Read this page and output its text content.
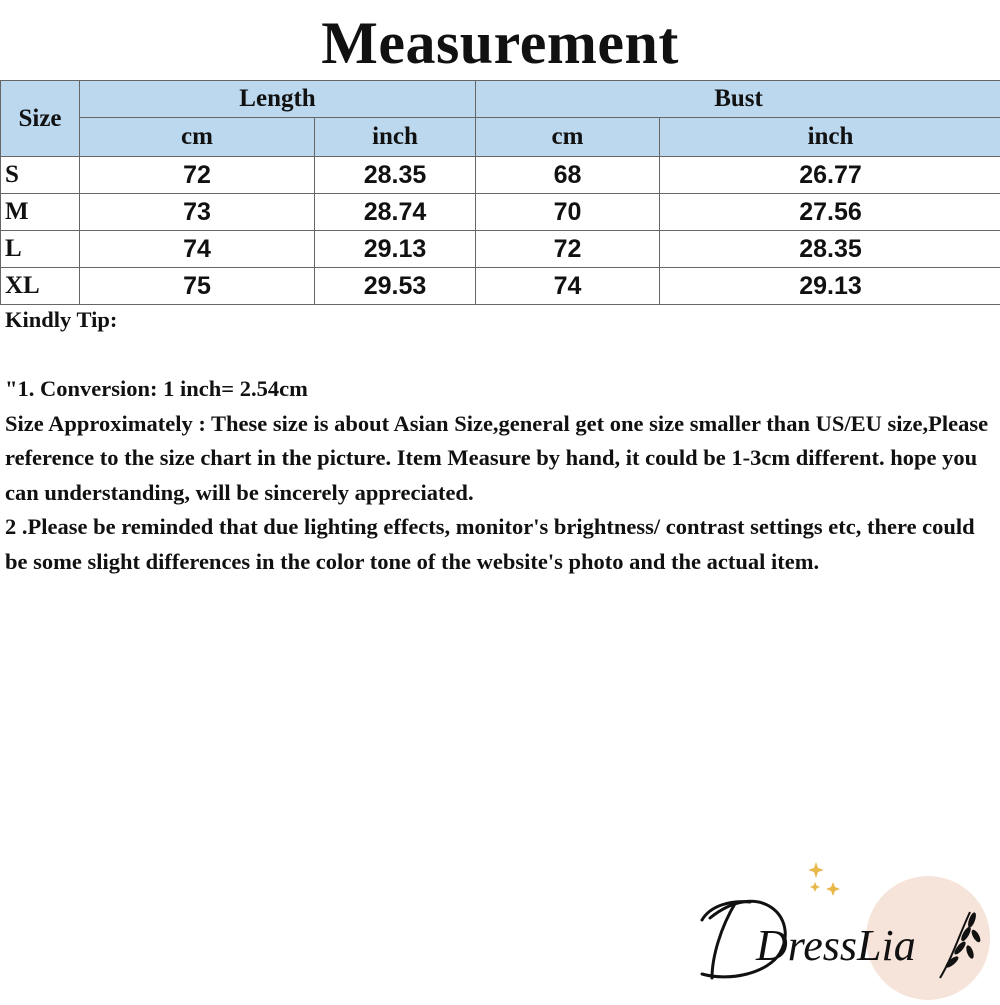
Measurement
Size	Length		Bust	
	cm	inch	cm	inch
S	72	28.35	68	26.77
M	73	28.74	70	27.56
L	74	29.13	72	28.35
XL	75	29.53	74	29.13

Kindly Tip:

"1. Conversion: 1 inch= 2.54cm

Size Approximately : These size is about Asian Size,general get one size smaller than US/EU size,Please reference to the size chart in the picture. Item Measure by hand, it could be 1-3cm different. hope you can understanding, will be sincerely appreciated.

2 .Please be reminded that due lighting effects, monitor's brightness/ contrast settings etc, there could be some slight differences in the color tone of the website's photo and the actual item.

DressLia
